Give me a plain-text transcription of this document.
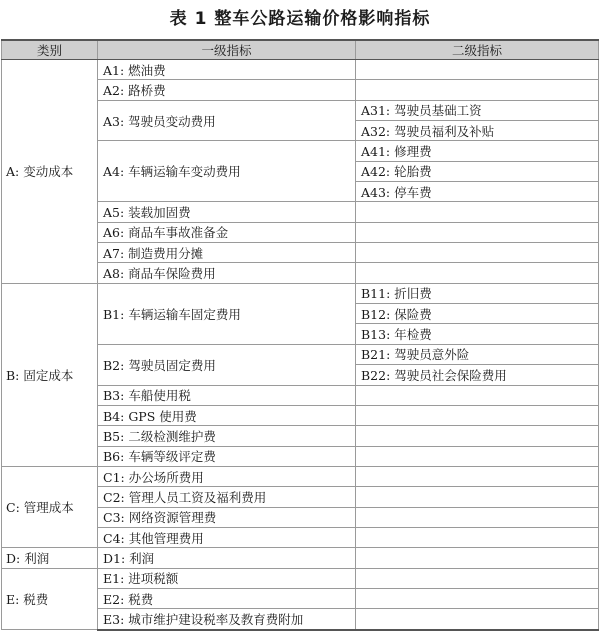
表 1 整车公路运输价格影响指标
类别	一级指标	二级指标
A: 变动成本	A1: 燃油费	
	A2: 路桥费	
	A3: 驾驶员变动费用	A31: 驾驶员基础工资
		A32: 驾驶员福利及补贴
	A4: 车辆运输车变动费用	A41: 修理费
		A42: 轮胎费
		A43: 停车费
	A5: 装载加固费	
	A6: 商品车事故准备金	
	A7: 制造费用分摊	
	A8: 商品车保险费用	
B: 固定成本	B1: 车辆运输车固定费用	B11: 折旧费
		B12: 保险费
		B13: 年检费
	B2: 驾驶员固定费用	B21: 驾驶员意外险
		B22: 驾驶员社会保险费用
	B3: 车船使用税	
	B4: GPS 使用费	
	B5: 二级检测维护费	
	B6: 车辆等级评定费	
C: 管理成本	C1: 办公场所费用	
	C2: 管理人员工资及福利费用	
	C3: 网络资源管理费	
	C4: 其他管理费用	
D: 利润	D1: 利润	
E: 税费	E1: 进项税额	
	E2: 税费	
	E3: 城市维护建设税率及教育费附加	
